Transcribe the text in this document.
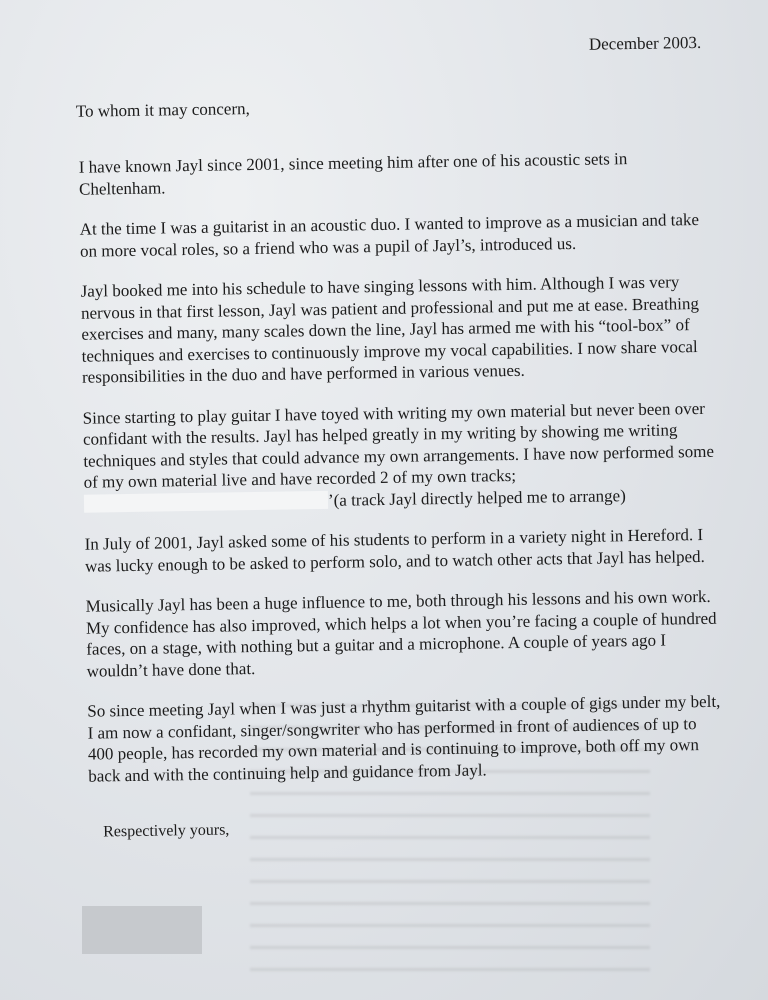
December 2003.
To whom it may concern,

I have known Jayl since 2001, since meeting him after one of his acoustic sets in Cheltenham.

At the time I was a guitarist in an acoustic duo. I wanted to improve as a musician and take on more vocal roles, so a friend who was a pupil of Jayl’s, introduced us.

Jayl booked me into his schedule to have singing lessons with him. Although I was very nervous in that first lesson, Jayl was patient and professional and put me at ease. Breathing exercises and many, many scales down the line, Jayl has armed me with his “tool-box” of techniques and exercises to continuously improve my vocal capabilities. I now share vocal responsibilities in the duo and have performed in various venues.

Since starting to play guitar I have toyed with writing my own material but never been over confidant with the results. Jayl has helped greatly in my writing by showing me writing techniques and styles that could advance my own arrangements. I have now performed some of my own material live and have recorded 2 of my own tracks;
’(a track Jayl directly helped me to arrange)

In July of 2001, Jayl asked some of his students to perform in a variety night in Hereford. I was lucky enough to be asked to perform solo, and to watch other acts that Jayl has helped.

Musically Jayl has been a huge influence to me, both through his lessons and his own work. My confidence has also improved, which helps a lot when you’re facing a couple of hundred faces, on a stage, with nothing but a guitar and a microphone. A couple of years ago I wouldn’t have done that.

So since meeting Jayl when I was just a rhythm guitarist with a couple of gigs under my belt, I am now a confidant, singer/songwriter who has performed in front of audiences of up to 400 people, has recorded my own material and is continuing to improve, both off my own back and with the continuing help and guidance from Jayl.

Respectively yours,
